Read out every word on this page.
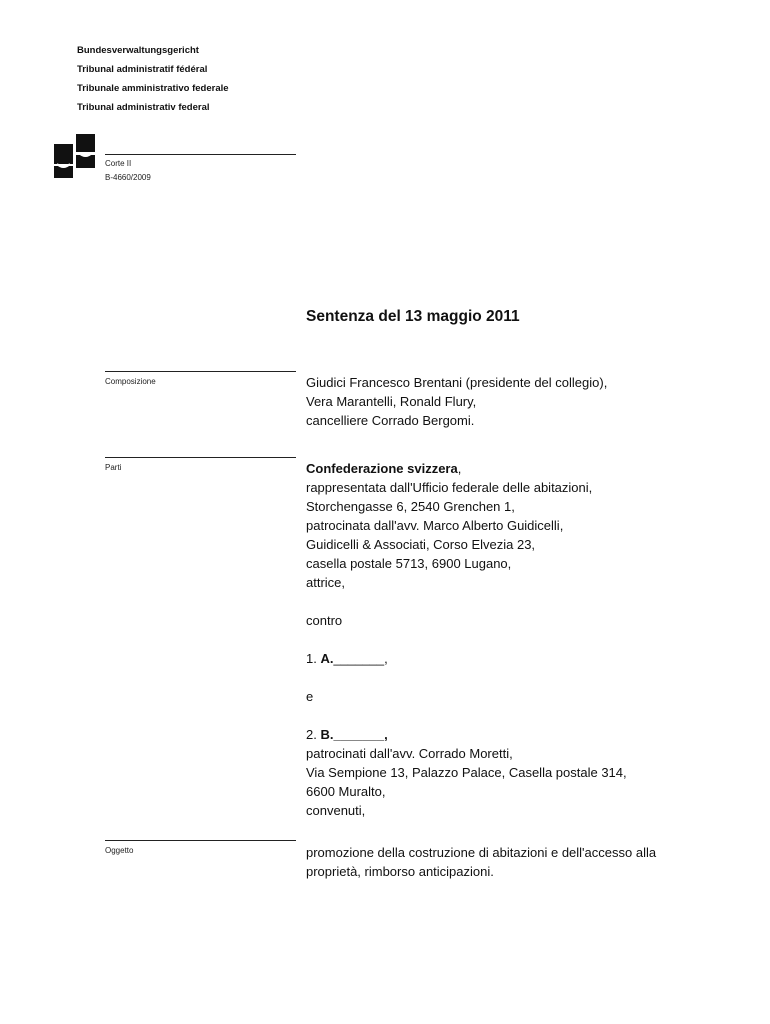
Bundesverwaltungsgericht
Tribunal administratif fédéral
Tribunale amministrativo federale
Tribunal administrativ federal
Corte II
B-4660/2009
Sentenza del 13 maggio 2011
Composizione	Giudici Francesco Brentani (presidente del collegio),
Vera Marantelli, Ronald Flury,
cancelliere Corrado Bergomi.
Parti	Confederazione svizzera,
rappresentata dall'Ufficio federale delle abitazioni,
Storchengasse 6, 2540 Grenchen 1,
patrocinata dall'avv. Marco Alberto Guidicelli,
Guidicelli & Associati, Corso Elvezia 23,
casella postale 5713, 6900 Lugano,
attrice,
contro
1. A._______,
e
2. B._______,
patrocinati dall'avv. Corrado Moretti,
Via Sempione 13, Palazzo Palace, Casella postale 314,
6600 Muralto,
convenuti,
Oggetto	promozione della costruzione di abitazioni e dell'accesso alla
proprietà, rimborso anticipazioni.
